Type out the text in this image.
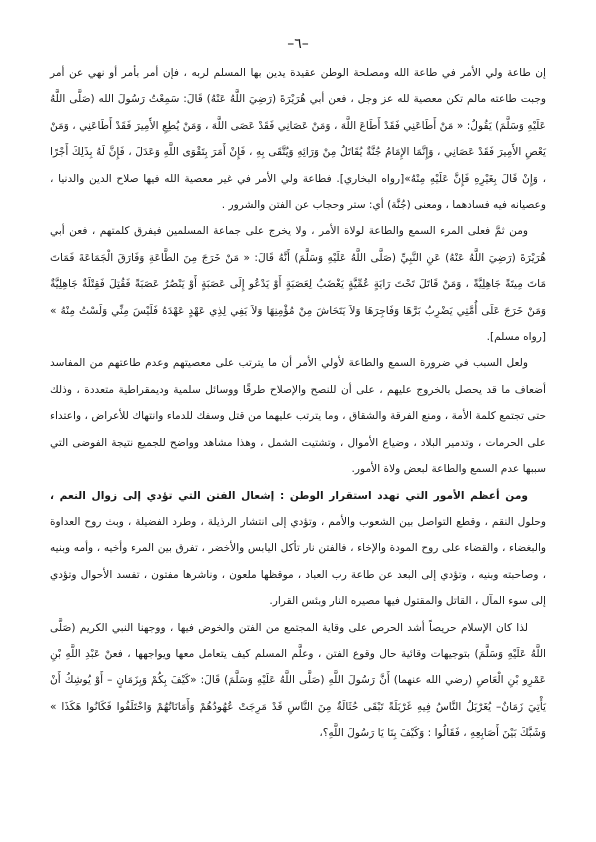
–٦–

إن طاعة ولي الأمر في طاعة الله ومصلحة الوطن عقيدة يدين بها المسلم لربه ، فإن أمر بأمر أو نهي عن أمر وجبت طاعته مالم تكن معصية لله عز وجل ، فعن أبي هُرَيْرَةَ (رَضِيَ اللَّهُ عَنْهُ) قَالَ: سَمِعْتُ رَسُولَ الله (صَلَّى اللَّهُ عَلَيْهِ وَسَلَّمَ) يَقُولُ: « مَنْ أَطَاعَنِي فَقَدْ أَطَاعَ اللَّهَ ، وَمَنْ عَصَانِي فَقَدْ عَصَى اللَّهَ ، وَمَنْ يُطِعِ الأَمِيرَ فَقَدْ أَطَاعَنِي ، وَمَنْ يَعْصِ الأَمِيرَ فَقَدْ عَصَانِي ، وَإِنَّمَا الإِمَامُ جُنَّةٌ يُقَاتَلُ مِنْ وَرَائِهِ وَيُتَّقَى بِهِ ، فَإِنْ أَمَرَ بِتَقْوَى اللَّهِ وَعَدَلَ ، فَإِنَّ لَهُ بِذَلِكَ أَجْرًا ، وَإِنْ قَالَ بِغَيْرِهِ فَإِنَّ عَلَيْهِ مِنْهُ»[رواه البخاري]. فطاعة ولي الأمر في غير معصية الله فيها صلاح الدين والدنيا ، وعصيانه فيه فسادهما ، ومعنى (جُنَّة) أي: ستر وحجاب عن الفتن والشرور .

ومن ثمَّ فعلى المرء السمع والطاعة لولاة الأمر ، ولا يخرج على جماعة المسلمين فيفرق كلمتهم ، فعن أبي هُرَيْرَةَ (رَضِيَ اللَّهُ عَنْهُ) عَنِ النَّبِيِّ (صَلَّى اللَّهُ عَلَيْهِ وَسَلَّمَ) أَنَّهُ قَالَ: « مَنْ خَرَجَ مِنَ الطَّاعَةِ وَفَارَقَ الْجَمَاعَةَ فَمَاتَ مَاتَ مِيتَةً جَاهِلِيَّةً ، وَمَنْ قَاتَلَ تَحْتَ رَايَةٍ عُمِّيَّةٍ يَغْضَبُ لِعَصَبَةٍ أَوْ يَدْعُو إِلَى عَصَبَةٍ أَوْ يَنْصُرُ عَصَبَةً فَقُتِلَ فَقِتْلَةٌ جَاهِلِيَّةٌ وَمَنْ خَرَجَ عَلَى أُمَّتِي يَضْرِبُ بَرَّهَا وَفَاجِرَهَا وَلاَ يَتَحَاشَ مِنْ مُؤْمِنِهَا وَلاَ يَفِي لِذِي عَهْدٍ عَهْدَهُ فَلَيْسَ مِنِّي وَلَسْتُ مِنْهُ » [رواه مسلم].

ولعل السبب في ضرورة السمع والطاعة لأولي الأمر أن ما يترتب على معصيتهم وعدم طاعتهم من المفاسد أضعاف ما قد يحصل بالخروج عليهم ، على أن للنصح والإصلاح طرقًا ووسائل سلمية وديمقراطية متعددة ، وذلك حتى تجتمع كلمة الأمة ، ومنع الفرقة والشقاق ، وما يترتب عليهما من قتل وسفك للدماء وانتهاك للأعراض ، واعتداء على الحرمات ، وتدمير البلاد ، وضياع الأموال ، وتشتيت الشمل ، وهذا مشاهد وواضح للجميع نتيجة الفوضى التي سببها عدم السمع والطاعة لبعض ولاة الأمور.

ومن أعظم الأمور التي تهدد استقرار الوطن : إشعال الفتن التي تؤدي إلى زوال النعم ، وحلول النقم ، وقطع التواصل بين الشعوب والأمم ، وتؤدي إلى انتشار الرذيلة ، وطرد الفضيلة ، وبث روح العداوة والبغضاء ، والقضاء على روح المودة والإخاء ، فالفتن نار تأكل اليابس والأخضر ، تفرق بين المرء وأخيه ، وأمه وبنيه ، وصاحبته وبنيه ، وتؤدي إلى البعد عن طاعة رب العباد ، موقظها ملعون ، وناشرها مفتون ، تفسد الأحوال وتؤدي إلى سوء المآل ، القاتل والمقتول فيها مصيره النار وبئس القرار.

لذا كان الإسلام حريصاً أشد الحرص على وقاية المجتمع من الفتن والخوض فيها ، ووجهنا النبي الكريم (صَلَّى اللَّهُ عَلَيْهِ وَسَلَّمَ) بتوجيهات وقائية حال وقوع الفتن ، وعلَّم المسلم كيف يتعامل معها ويواجهها ، فعنْ عَبْدِ اللَّهِ بْنِ عَمْرِو بْنِ الْعَاصِ (رضي الله عنهما) أَنَّ رَسُولَ اللَّهِ (صَلَّى اللَّهُ عَلَيْهِ وَسَلَّمَ) قَالَ: «كَيْفَ بِكُمْ وَبِزَمَانٍ – أَوْ يُوشِكُ أَنْ يَأْتِيَ زَمَانٌ– يُغَرْبَلُ النَّاسُ فِيهِ غَرْبَلَةً تَبْقَى حُثَالَةٌ مِنَ النَّاسِ قَدْ مَرِجَتْ عُهُودُهُمْ وَأَمَانَاتُهُمْ وَاخْتَلَفُوا فَكَانُوا هَكَذَا » وَشَبَّكَ بَيْنَ أَصَابِعِهِ ، فَقَالُوا : وَكَيْفَ بِنَا يَا رَسُولَ اللَّهِ؟،
